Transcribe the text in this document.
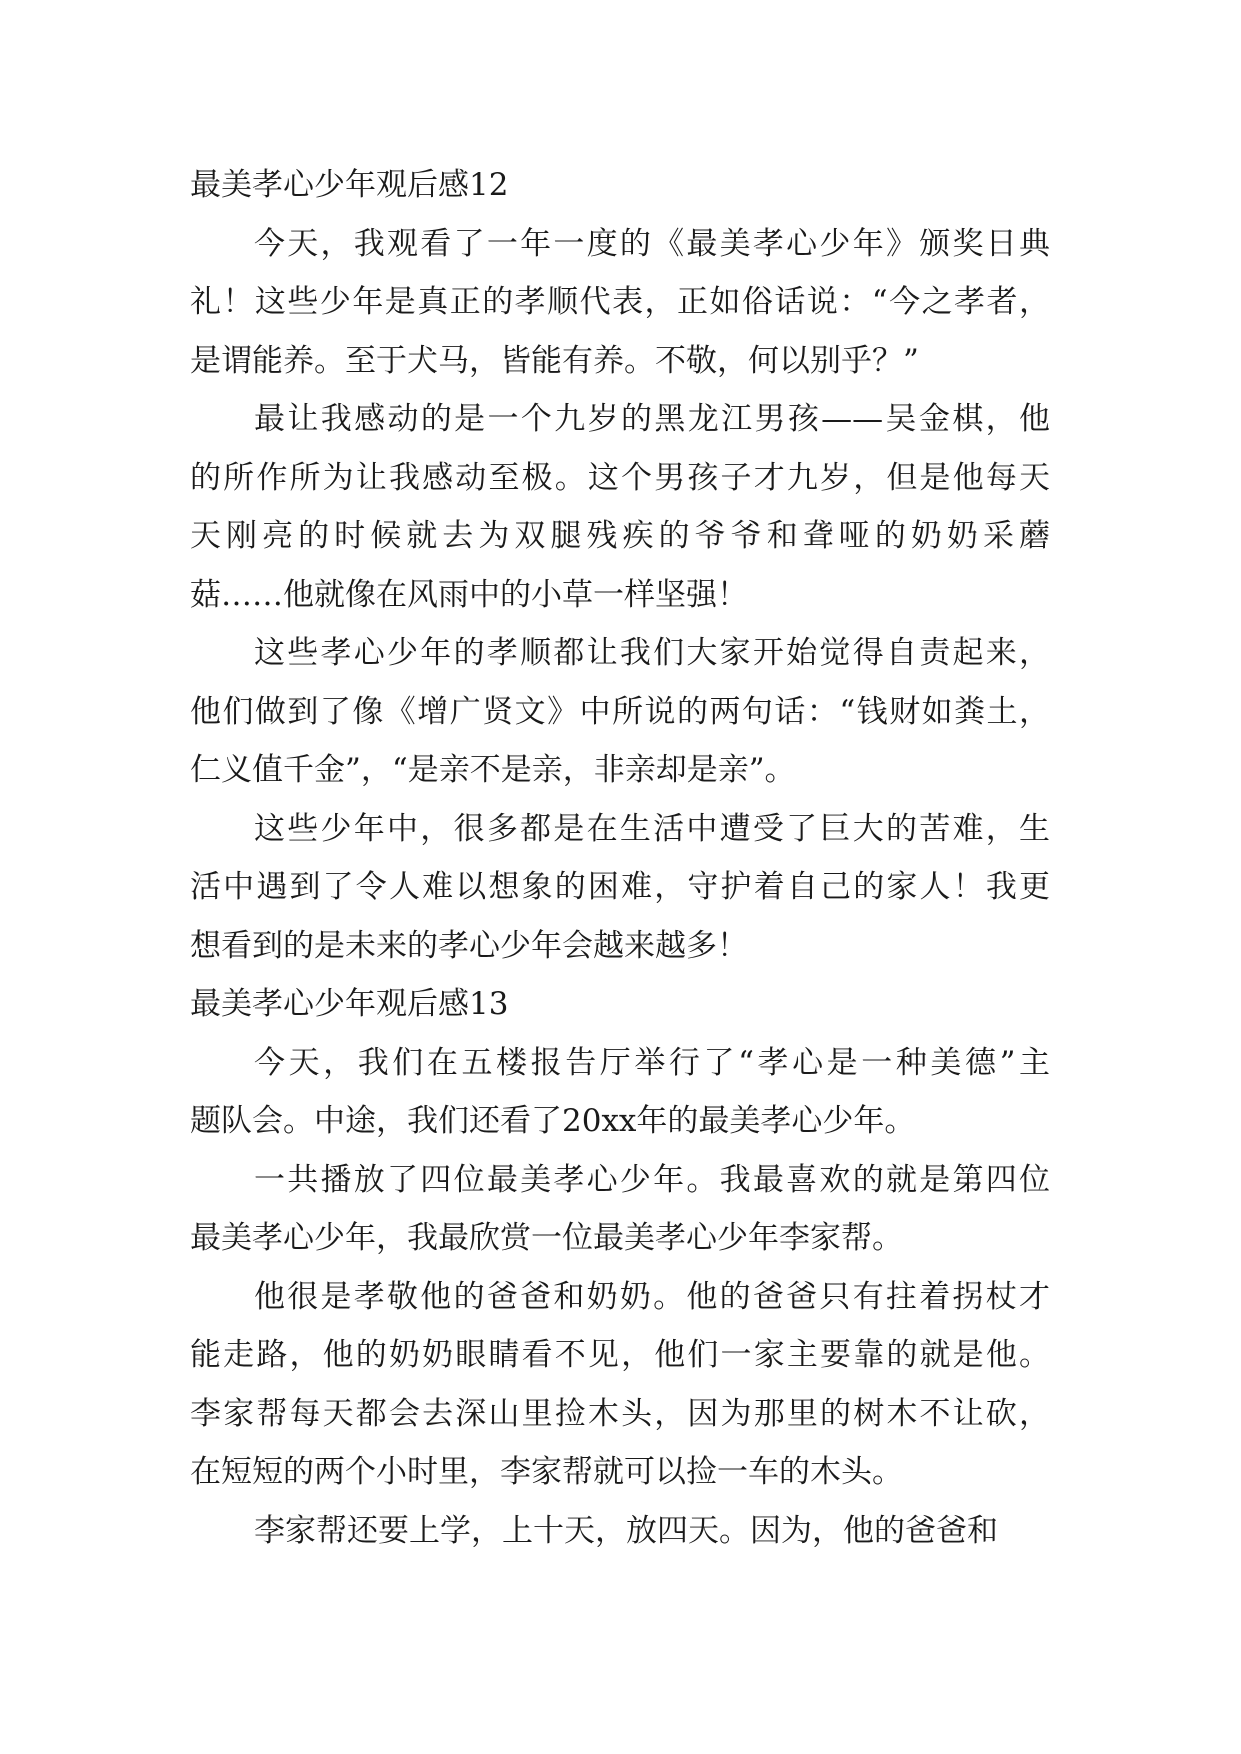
最美孝心少年观后感12
今天，我观看了一年一度的《最美孝心少年》颁奖日典
礼！这些少年是真正的孝顺代表，正如俗话说：“今之孝者，
是谓能养。至于犬马，皆能有养。不敬，何以别乎？”
最让我感动的是一个九岁的黑龙江男孩——吴金棋，他
的所作所为让我感动至极。这个男孩子才九岁，但是他每天
天刚亮的时候就去为双腿残疾的爷爷和聋哑的奶奶采蘑
菇……他就像在风雨中的小草一样坚强！
这些孝心少年的孝顺都让我们大家开始觉得自责起来，
他们做到了像《增广贤文》中所说的两句话：“钱财如粪土，
仁义值千金”，“是亲不是亲，非亲却是亲”。
这些少年中，很多都是在生活中遭受了巨大的苦难，生
活中遇到了令人难以想象的困难，守护着自己的家人！我更
想看到的是未来的孝心少年会越来越多！
最美孝心少年观后感13
今天，我们在五楼报告厅举行了“孝心是一种美德”主
题队会。中途，我们还看了20xx年的最美孝心少年。
一共播放了四位最美孝心少年。我最喜欢的就是第四位
最美孝心少年，我最欣赏一位最美孝心少年李家帮。
他很是孝敬他的爸爸和奶奶。他的爸爸只有拄着拐杖才
能走路，他的奶奶眼睛看不见，他们一家主要靠的就是他。
李家帮每天都会去深山里捡木头，因为那里的树木不让砍，
在短短的两个小时里，李家帮就可以捡一车的木头。
李家帮还要上学，上十天，放四天。因为，他的爸爸和
